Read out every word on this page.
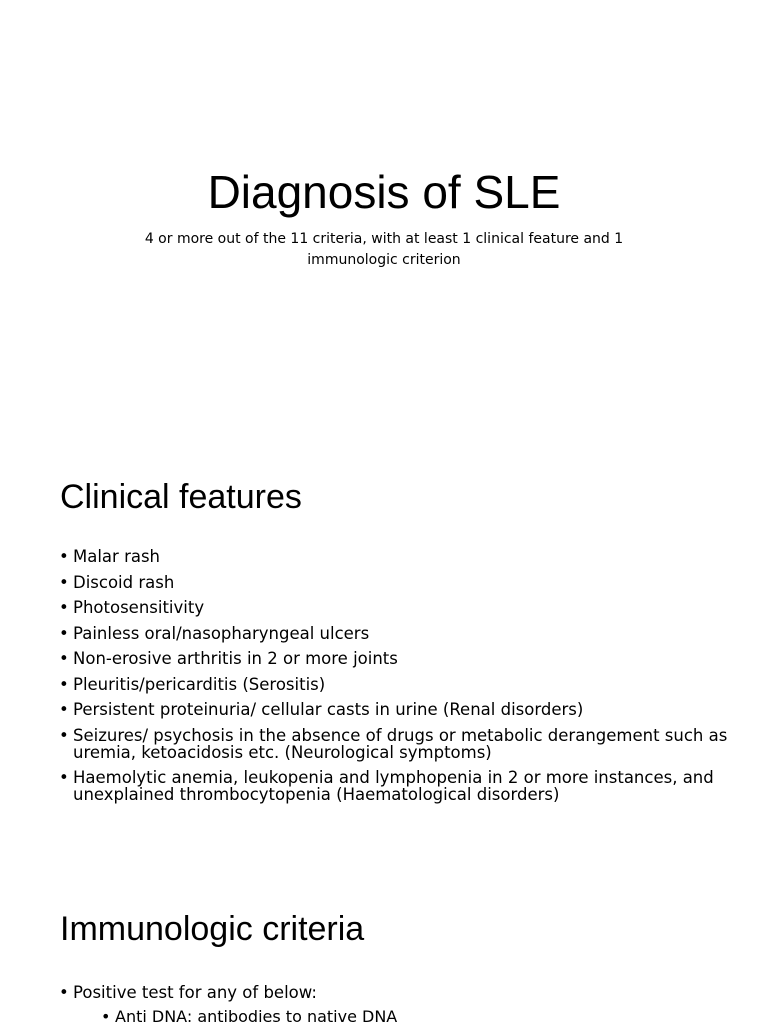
Diagnosis of SLE

4 or more out of the 11 criteria, with at least 1 clinical feature and 1 immunologic criterion

Clinical features
• Malar rash
• Discoid rash
• Photosensitivity
• Painless oral/nasopharyngeal ulcers
• Non-erosive arthritis in 2 or more joints
• Pleuritis/pericarditis (Serositis)
• Persistent proteinuria/ cellular casts in urine (Renal disorders)
• Seizures/ psychosis in the absence of drugs or metabolic derangement such as uremia, ketoacidosis etc. (Neurological symptoms)
• Haemolytic anemia, leukopenia and lymphopenia in 2 or more instances, and unexplained thrombocytopenia (Haematological disorders)
Immunologic criteria
• Positive test for any of below:
• Anti DNA: antibodies to native DNA
